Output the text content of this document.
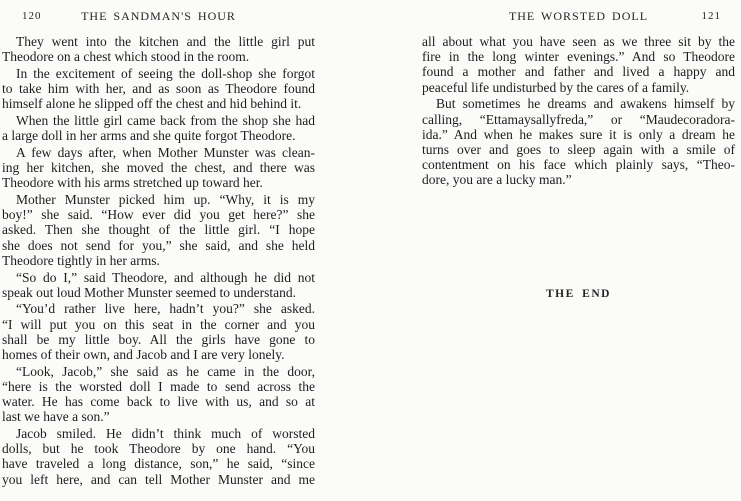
120	THE SANDMAN'S HOUR

They went into the kitchen and the little girl put
Theodore on a chest which stood in the room.

In the excitement of seeing the doll-shop she forgot
to take him with her, and as soon as Theodore found
himself alone he slipped off the chest and hid behind it.

When the little girl came back from the shop she had
a large doll in her arms and she quite forgot Theodore.

A few days after, when Mother Munster was clean-
ing her kitchen, she moved the chest, and there was
Theodore with his arms stretched up toward her.

Mother Munster picked him up. “Why, it is my
boy!” she said. “How ever did you get here?” she
asked. Then she thought of the little girl. “I hope
she does not send for you,” she said, and she held
Theodore tightly in her arms.

“So do I,” said Theodore, and although he did not
speak out loud Mother Munster seemed to understand.

“You’d rather live here, hadn’t you?” she asked.
“I will put you on this seat in the corner and you
shall be my little boy. All the girls have gone to
homes of their own, and Jacob and I are very lonely.

“Look, Jacob,” she said as he came in the door,
“here is the worsted doll I made to send across the
water. He has come back to live with us, and so at
last we have a son.”

Jacob smiled. He didn’t think much of worsted
dolls, but he took Theodore by one hand. “You
have traveled a long distance, son,” he said, “since
you left here, and can tell Mother Munster and me

THE WORSTED DOLL	121

all about what you have seen as we three sit by the
fire in the long winter evenings.” And so Theodore
found a mother and father and lived a happy and
peaceful life undisturbed by the cares of a family.

But sometimes he dreams and awakens himself by
calling, “Ettamaysallyfreda,” or “Maudecoradora-
ida.” And when he makes sure it is only a dream he
turns over and goes to sleep again with a smile of
contentment on his face which plainly says, “Theo-
dore, you are a lucky man.”

THE END
